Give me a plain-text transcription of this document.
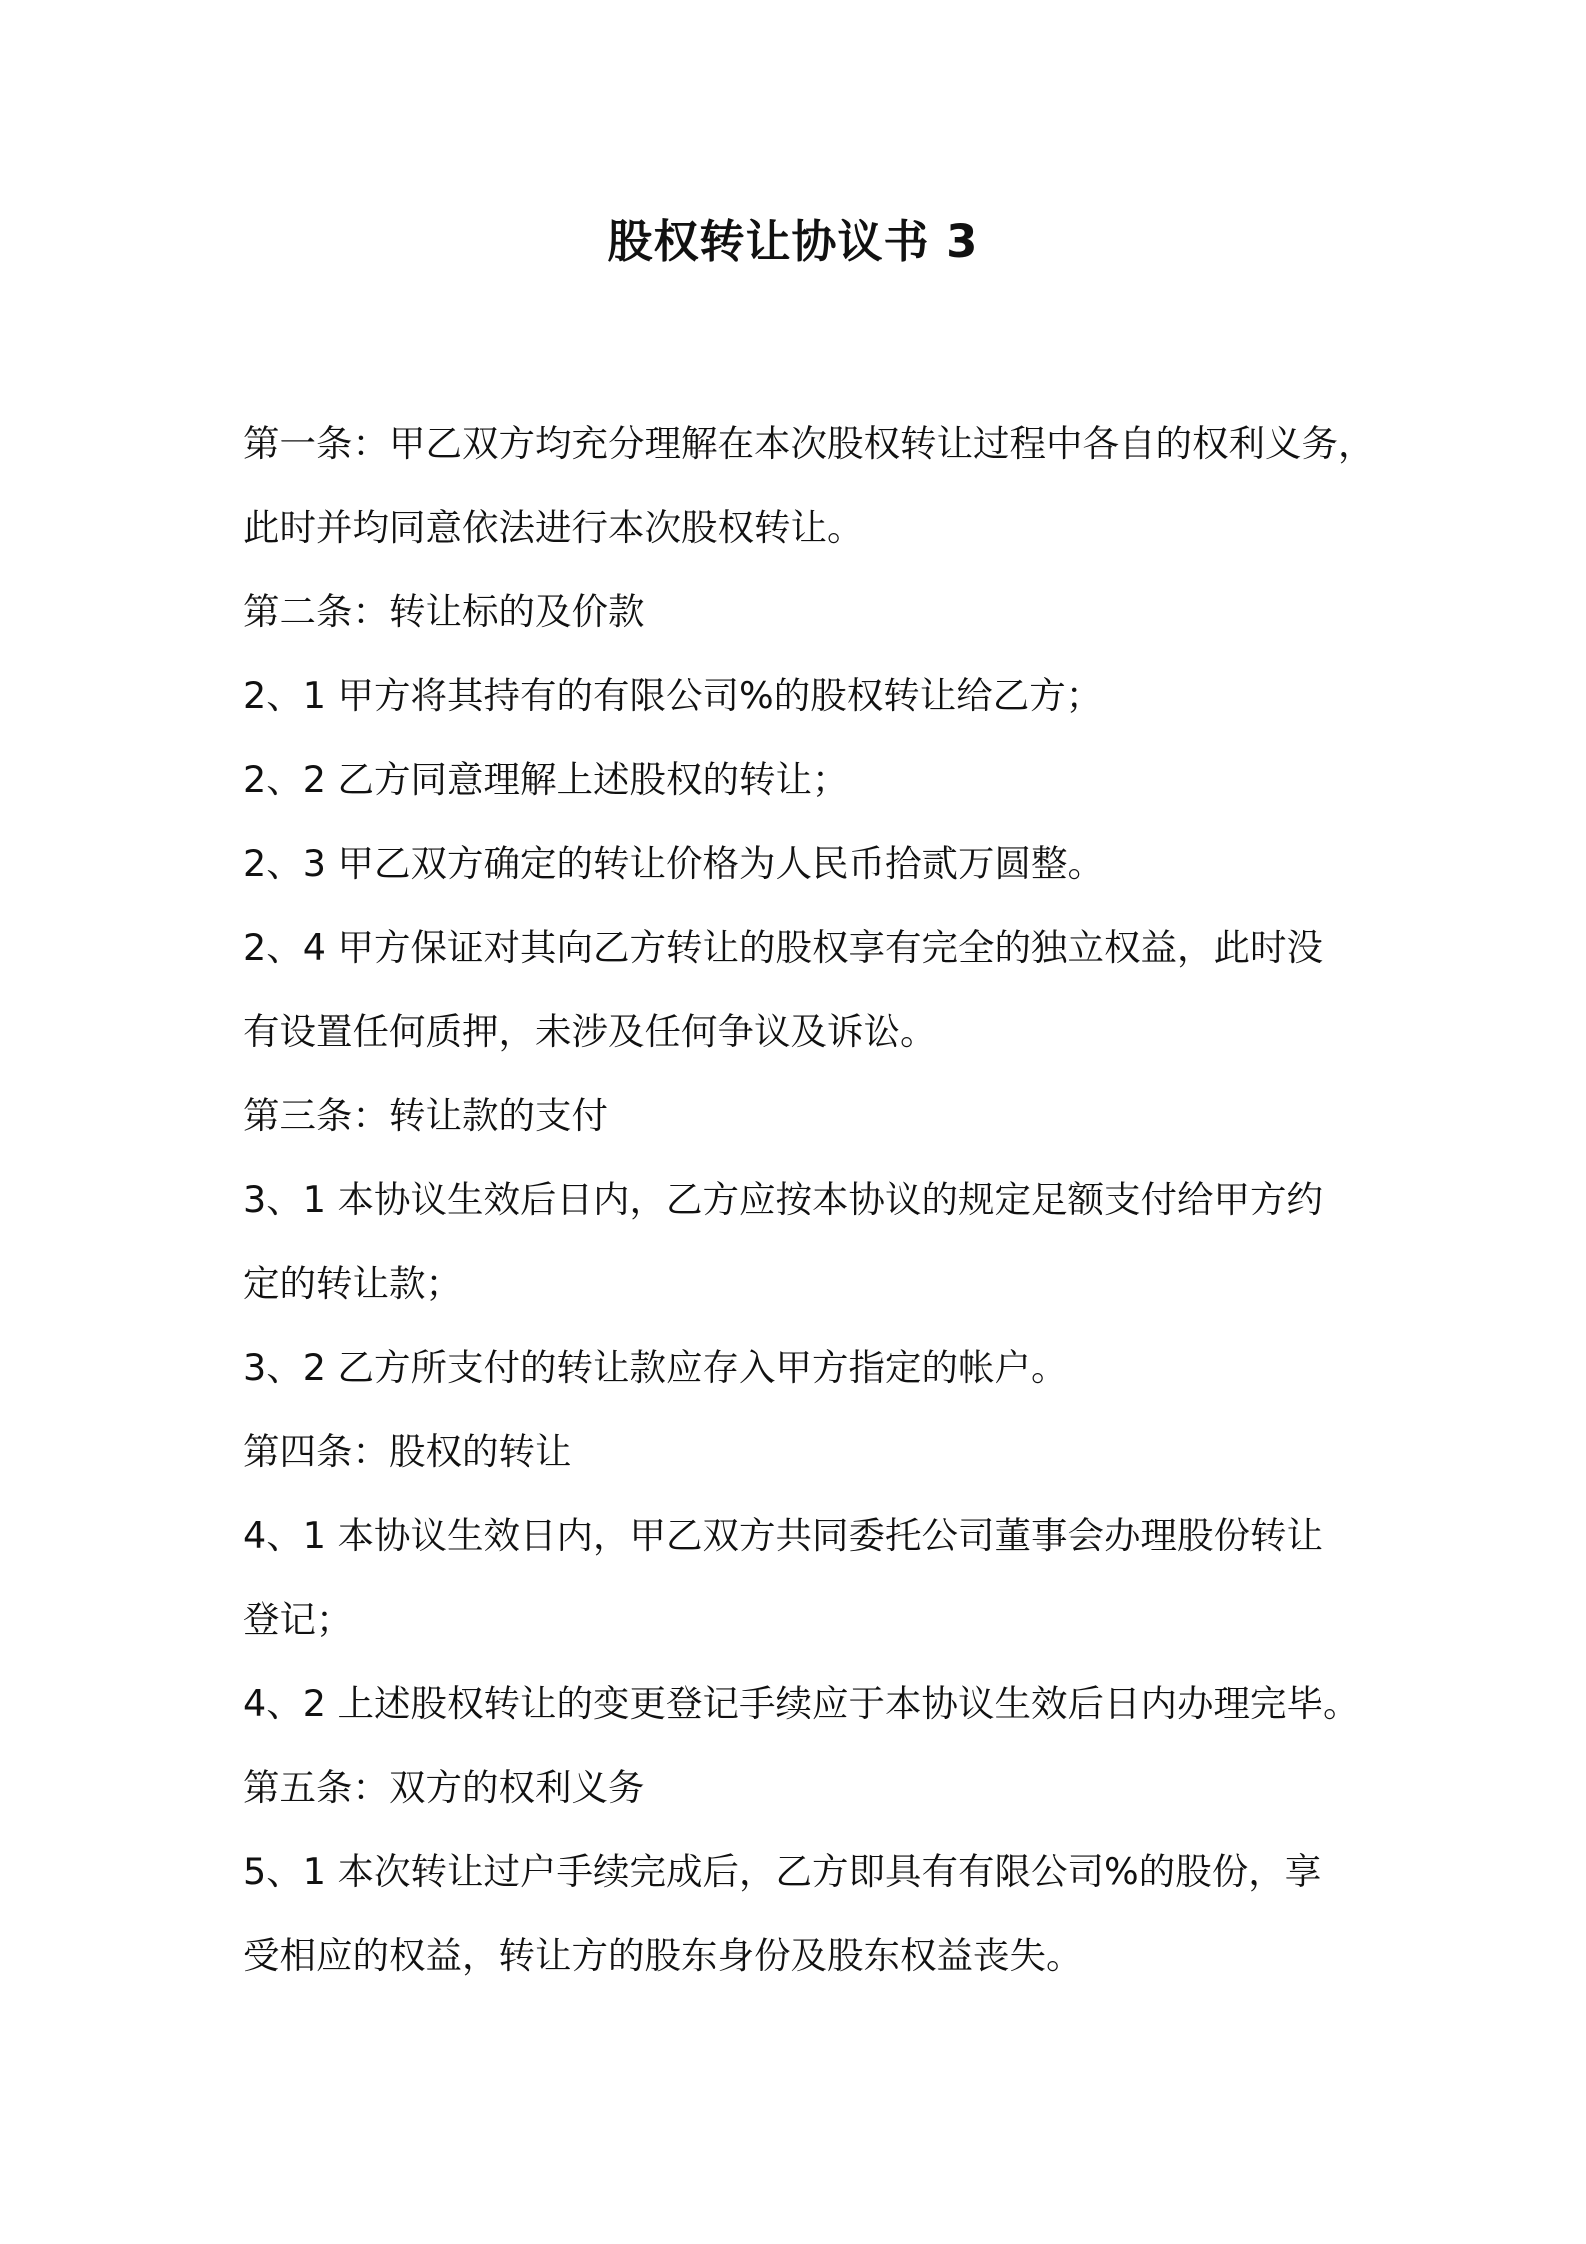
股权转让协议书 3

第一条：甲乙双方均充分理解在本次股权转让过程中各自的权利义务，

此时并均同意依法进行本次股权转让。

第二条：转让标的及价款

2、1 甲方将其持有的有限公司%的股权转让给乙方；

2、2 乙方同意理解上述股权的转让；

2、3 甲乙双方确定的转让价格为人民币拾贰万圆整。

2、4 甲方保证对其向乙方转让的股权享有完全的独立权益，此时没

有设置任何质押，未涉及任何争议及诉讼。

第三条：转让款的支付

3、1 本协议生效后日内，乙方应按本协议的规定足额支付给甲方约

定的转让款；

3、2 乙方所支付的转让款应存入甲方指定的帐户。

第四条：股权的转让

4、1 本协议生效日内，甲乙双方共同委托公司董事会办理股份转让

登记；

4、2 上述股权转让的变更登记手续应于本协议生效后日内办理完毕。

第五条：双方的权利义务

5、1 本次转让过户手续完成后，乙方即具有有限公司%的股份，享

受相应的权益，转让方的股东身份及股东权益丧失。
